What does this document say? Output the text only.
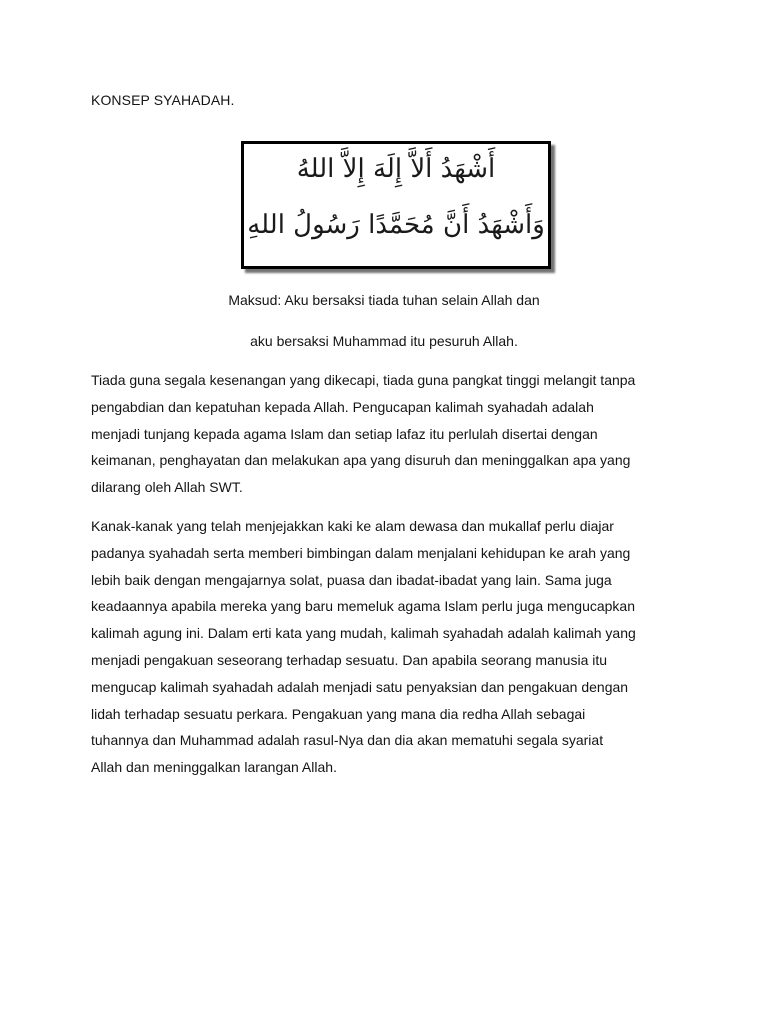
KONSEP SYAHADAH.
أَشْهَدُ أَلاَّ إِلَهَ إِلاَّ اللهُ
وَأَشْهَدُ أَنَّ مُحَمَّدًا رَسُولُ اللهِ

Maksud: Aku bersaksi tiada tuhan selain Allah dan

aku bersaksi Muhammad itu pesuruh Allah.

Tiada guna segala kesenangan yang dikecapi, tiada guna pangkat tinggi melangit tanpa
pengabdian dan kepatuhan kepada Allah. Pengucapan kalimah syahadah adalah
menjadi tunjang kepada agama Islam dan setiap lafaz itu perlulah disertai dengan
keimanan, penghayatan dan melakukan apa yang disuruh dan meninggalkan apa yang
dilarang oleh Allah SWT.

Kanak-kanak yang telah menjejakkan kaki ke alam dewasa dan mukallaf perlu diajar
padanya syahadah serta memberi bimbingan dalam menjalani kehidupan ke arah yang
lebih baik dengan mengajarnya solat, puasa dan ibadat-ibadat yang lain. Sama juga
keadaannya apabila mereka yang baru memeluk agama Islam perlu juga mengucapkan
kalimah agung ini. Dalam erti kata yang mudah, kalimah syahadah adalah kalimah yang
menjadi pengakuan seseorang terhadap sesuatu. Dan apabila seorang manusia itu
mengucap kalimah syahadah adalah menjadi satu penyaksian dan pengakuan dengan
lidah terhadap sesuatu perkara. Pengakuan yang mana dia redha Allah sebagai
tuhannya dan Muhammad adalah rasul-Nya dan dia akan mematuhi segala syariat
Allah dan meninggalkan larangan Allah.
